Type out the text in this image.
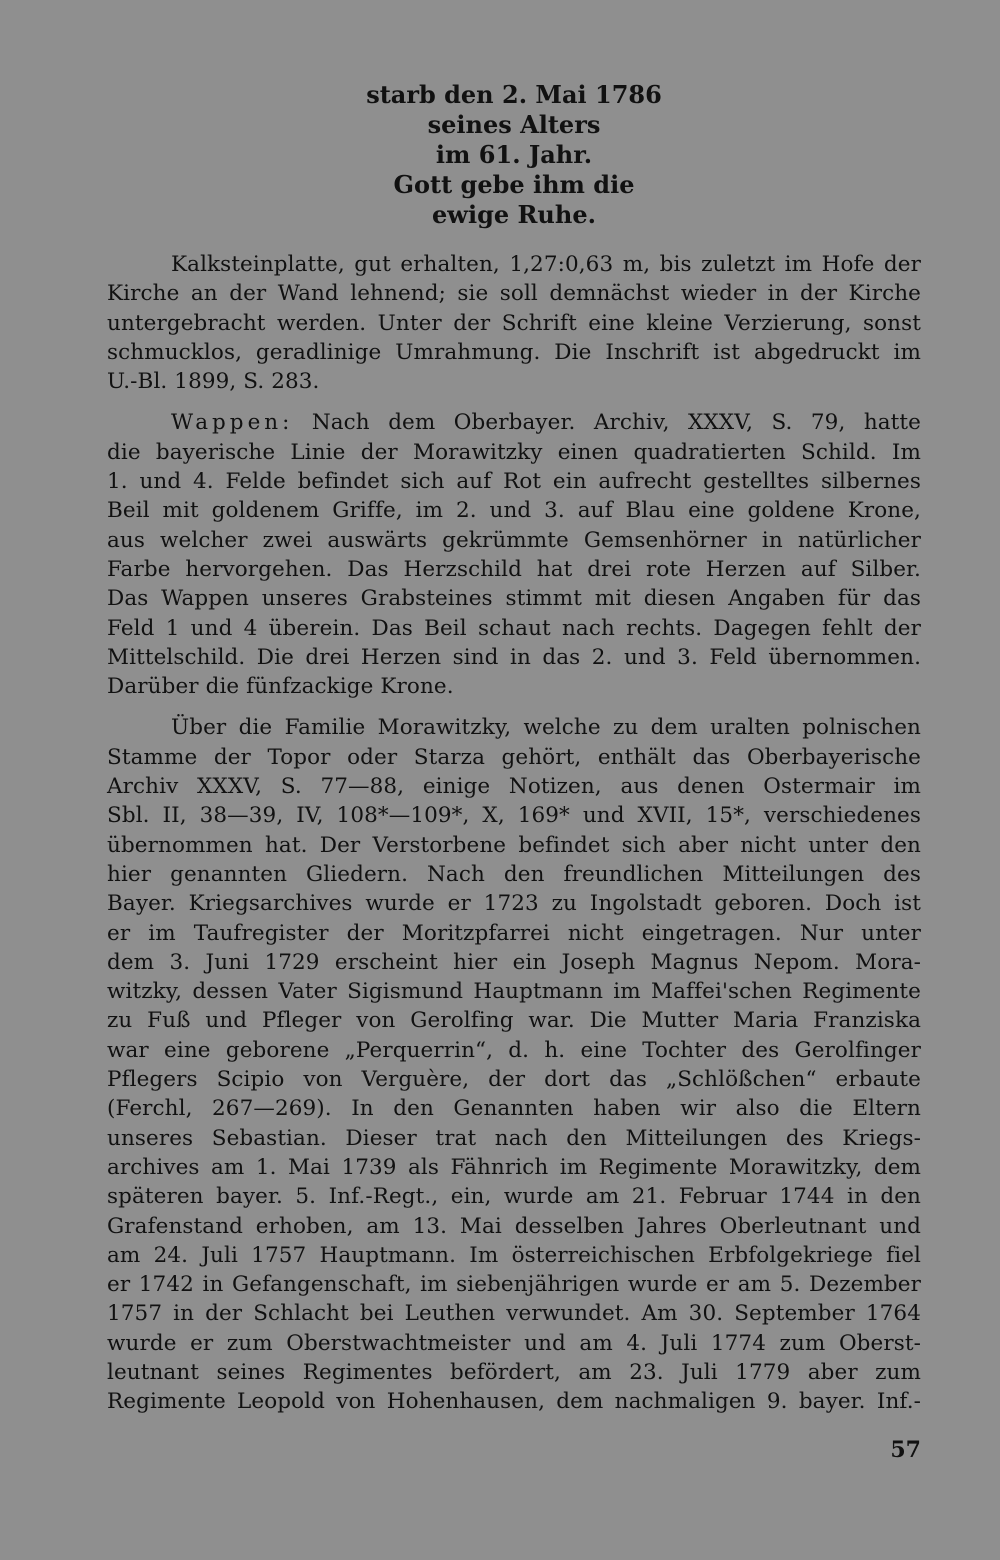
starb den 2. Mai 1786
seines Alters
im 61. Jahr.
Gott gebe ihm die
ewige Ruhe.
Kalksteinplatte, gut erhalten, 1,27:0,63 m, bis zuletzt im Hofe der
Kirche an der Wand lehnend; sie soll demnächst wieder in der Kirche
untergebracht werden. Unter der Schrift eine kleine Verzierung, sonst
schmucklos, geradlinige Umrahmung. Die Inschrift ist abgedruckt im
U.-Bl. 1899, S. 283.
Wappen: Nach dem Oberbayer. Archiv, XXXV, S. 79, hatte
die bayerische Linie der Morawitzky einen quadratierten Schild. Im
1. und 4. Felde befindet sich auf Rot ein aufrecht gestelltes silbernes
Beil mit goldenem Griffe, im 2. und 3. auf Blau eine goldene Krone,
aus welcher zwei auswärts gekrümmte Gemsenhörner in natürlicher
Farbe hervorgehen. Das Herzschild hat drei rote Herzen auf Silber.
Das Wappen unseres Grabsteines stimmt mit diesen Angaben für das
Feld 1 und 4 überein. Das Beil schaut nach rechts. Dagegen fehlt der
Mittelschild. Die drei Herzen sind in das 2. und 3. Feld übernommen.
Darüber die fünfzackige Krone.
Über die Familie Morawitzky, welche zu dem uralten polnischen
Stamme der Topor oder Starza gehört, enthält das Oberbayerische
Archiv XXXV, S. 77—88, einige Notizen, aus denen Ostermair im
Sbl. II, 38—39, IV, 108*—109*, X, 169* und XVII, 15*, verschiedenes
übernommen hat. Der Verstorbene befindet sich aber nicht unter den
hier genannten Gliedern. Nach den freundlichen Mitteilungen des
Bayer. Kriegsarchives wurde er 1723 zu Ingolstadt geboren. Doch ist
er im Taufregister der Moritzpfarrei nicht eingetragen. Nur unter
dem 3. Juni 1729 erscheint hier ein Joseph Magnus Nepom. Mora-
witzky, dessen Vater Sigismund Hauptmann im Maffei'schen Regimente
zu Fuß und Pfleger von Gerolfing war. Die Mutter Maria Franziska
war eine geborene „Perquerrin“, d. h. eine Tochter des Gerolfinger
Pflegers Scipio von Verguère, der dort das „Schlößchen“ erbaute
(Ferchl, 267—269). In den Genannten haben wir also die Eltern
unseres Sebastian. Dieser trat nach den Mitteilungen des Kriegs-
archives am 1. Mai 1739 als Fähnrich im Regimente Morawitzky, dem
späteren bayer. 5. Inf.-Regt., ein, wurde am 21. Februar 1744 in den
Grafenstand erhoben, am 13. Mai desselben Jahres Oberleutnant und
am 24. Juli 1757 Hauptmann. Im österreichischen Erbfolgekriege fiel
er 1742 in Gefangenschaft, im siebenjährigen wurde er am 5. Dezember
1757 in der Schlacht bei Leuthen verwundet. Am 30. September 1764
wurde er zum Oberstwachtmeister und am 4. Juli 1774 zum Oberst-
leutnant seines Regimentes befördert, am 23. Juli 1779 aber zum
Regimente Leopold von Hohenhausen, dem nachmaligen 9. bayer. Inf.-
57
